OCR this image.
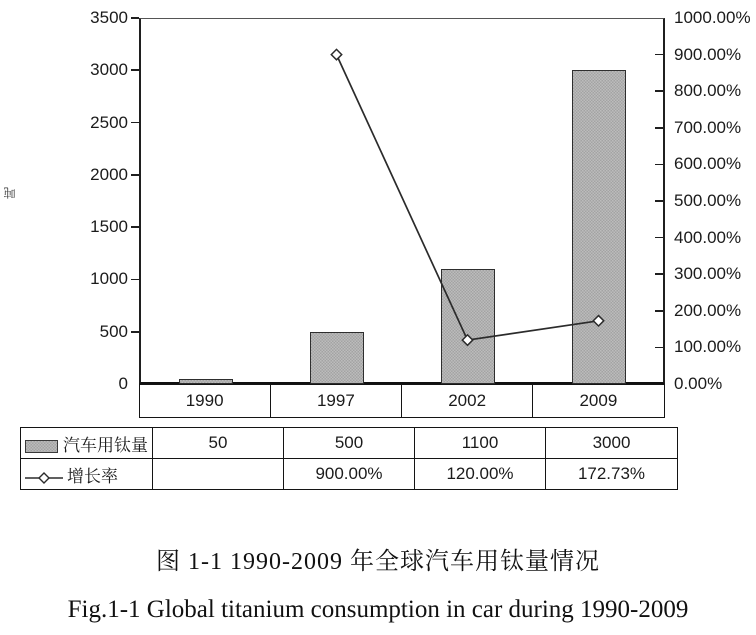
吨
0
500
1000
1500
2000
2500
3000
3500
0.00%
100.00%
200.00%
300.00%
400.00%
500.00%
600.00%
700.00%
800.00%
900.00%
1000.00%
1990	1997	2002	2009
汽车用钛量	50	500	1100	3000
增长率		900.00%	120.00%	172.73%
图 1-1 1990-2009 年全球汽车用钛量情况
Fig.1-1 Global titanium consumption in car during 1990-2009
